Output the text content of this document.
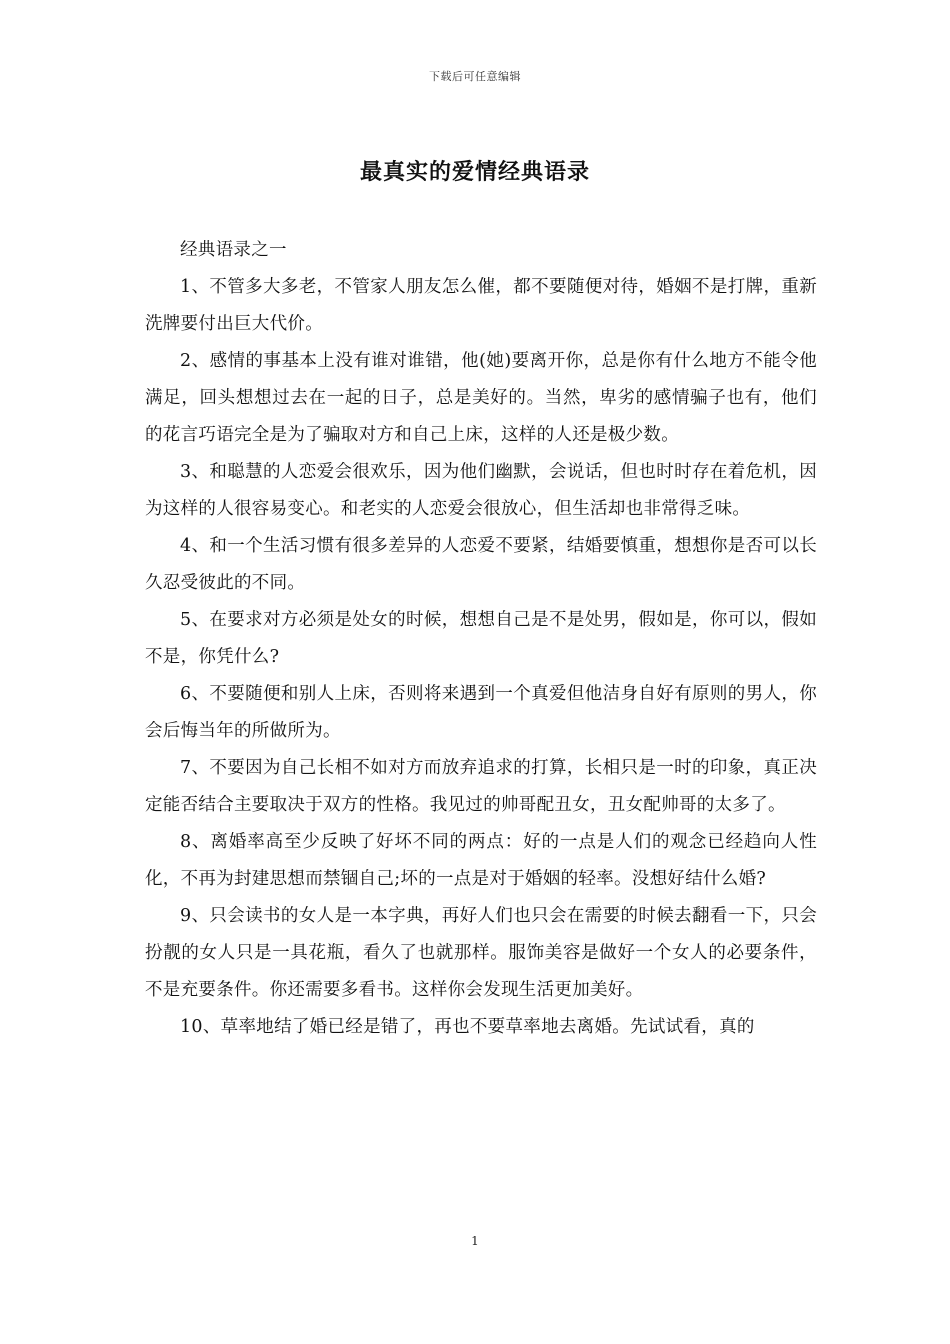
下载后可任意编辑
最真实的爱情经典语录

经典语录之一

1、不管多大多老，不管家人朋友怎么催，都不要随便对待，婚姻不是打牌，重新洗牌要付出巨大代价。

2、感情的事基本上没有谁对谁错，他(她)要离开你，总是你有什么地方不能令他满足，回头想想过去在一起的日子，总是美好的。当然，卑劣的感情骗子也有，他们的花言巧语完全是为了骗取对方和自己上床，这样的人还是极少数。

3、和聪慧的人恋爱会很欢乐，因为他们幽默，会说话，但也时时存在着危机，因为这样的人很容易变心。和老实的人恋爱会很放心，但生活却也非常得乏味。

4、和一个生活习惯有很多差异的人恋爱不要紧，结婚要慎重，想想你是否可以长久忍受彼此的不同。

5、在要求对方必须是处女的时候，想想自己是不是处男，假如是，你可以，假如不是，你凭什么?

6、不要随便和别人上床，否则将来遇到一个真爱但他洁身自好有原则的男人，你会后悔当年的所做所为。

7、不要因为自己长相不如对方而放弃追求的打算，长相只是一时的印象，真正决定能否结合主要取决于双方的性格。我见过的帅哥配丑女，丑女配帅哥的太多了。

8、离婚率高至少反映了好坏不同的两点：好的一点是人们的观念已经趋向人性化，不再为封建思想而禁锢自己;坏的一点是对于婚姻的轻率。没想好结什么婚?

9、只会读书的女人是一本字典，再好人们也只会在需要的时候去翻看一下，只会扮靓的女人只是一具花瓶，看久了也就那样。服饰美容是做好一个女人的必要条件，不是充要条件。你还需要多看书。这样你会发现生活更加美好。

10、草率地结了婚已经是错了，再也不要草率地去离婚。先试试看，真的

1
